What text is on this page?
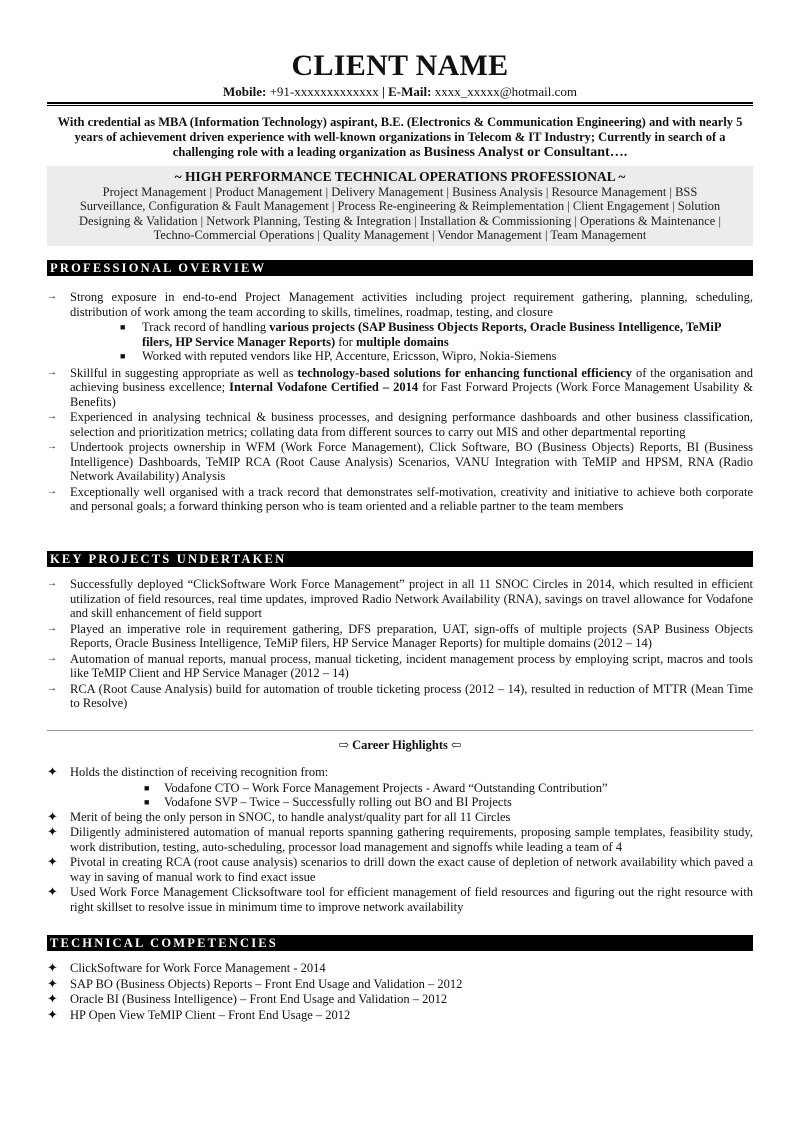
CLIENT NAME
Mobile: +91-xxxxxxxxxxxxx | E-Mail: xxxx_xxxxx@hotmail.com
With credential as MBA (Information Technology) aspirant, B.E. (Electronics & Communication Engineering) and with nearly 5
years of achievement driven experience with well-known organizations in Telecom & IT Industry; Currently in search of a
challenging role with a leading organization as Business Analyst or Consultant….
~ HIGH PERFORMANCE TECHNICAL OPERATIONS PROFESSIONAL ~
Project Management | Product Management | Delivery Management | Business Analysis | Resource Management | BSS
Surveillance, Configuration & Fault Management | Process Re-engineering & Reimplementation | Client Engagement | Solution
Designing & Validation | Network Planning, Testing & Integration | Installation & Commissioning | Operations & Maintenance |
Techno-Commercial Operations | Quality Management | Vendor Management | Team Management
PROFESSIONAL OVERVIEW
→	Strong exposure in end-to-end Project Management activities including project requirement gathering, planning, scheduling, distribution of work among the team according to skills, timelines, roadmap, testing, and closure
■ Track record of handling various projects (SAP Business Objects Reports, Oracle Business Intelligence, TeMiP filers, HP Service Manager Reports) for multiple domains
■ Worked with reputed vendors like HP, Accenture, Ericsson, Wipro, Nokia-Siemens
→	Skillful in suggesting appropriate as well as technology-based solutions for enhancing functional efficiency of the organisation and achieving business excellence; Internal Vodafone Certified – 2014 for Fast Forward Projects (Work Force Management Usability & Benefits)
→	Experienced in analysing technical & business processes, and designing performance dashboards and other business classification, selection and prioritization metrics; collating data from different sources to carry out MIS and other departmental reporting
→	Undertook projects ownership in WFM (Work Force Management), Click Software, BO (Business Objects) Reports, BI (Business Intelligence) Dashboards, TeMIP RCA (Root Cause Analysis) Scenarios, VANU Integration with TeMIP and HPSM, RNA (Radio Network Availability) Analysis
→	Exceptionally well organised with a track record that demonstrates self-motivation, creativity and initiative to achieve both corporate and personal goals; a forward thinking person who is team oriented and a reliable partner to the team members
KEY PROJECTS UNDERTAKEN
→	Successfully deployed “ClickSoftware Work Force Management” project in all 11 SNOC Circles in 2014, which resulted in efficient utilization of field resources, real time updates, improved Radio Network Availability (RNA), savings on travel allowance for Vodafone and skill enhancement of field support
→	Played an imperative role in requirement gathering, DFS preparation, UAT, sign-offs of multiple projects (SAP Business Objects Reports, Oracle Business Intelligence, TeMiP filers, HP Service Manager Reports) for multiple domains (2012 – 14)
→	Automation of manual reports, manual process, manual ticketing, incident management process by employing script, macros and tools like TeMIP Client and HP Service Manager (2012 – 14)
→	RCA (Root Cause Analysis) build for automation of trouble ticketing process (2012 – 14), resulted in reduction of MTTR (Mean Time to Resolve)
⇨ Career Highlights ⇦
✦ Holds the distinction of receiving recognition from:
■ Vodafone CTO – Work Force Management Projects - Award “Outstanding Contribution”
■ Vodafone SVP – Twice – Successfully rolling out BO and BI Projects
✦ Merit of being the only person in SNOC, to handle analyst/quality part for all 11 Circles
✦ Diligently administered automation of manual reports spanning gathering requirements, proposing sample templates, feasibility study, work distribution, testing, auto-scheduling, processor load management and signoffs while leading a team of 4
✦ Pivotal in creating RCA (root cause analysis) scenarios to drill down the exact cause of depletion of network availability which paved a way in saving of manual work to find exact issue
✦ Used Work Force Management Clicksoftware tool for efficient management of field resources and figuring out the right resource with right skillset to resolve issue in minimum time to improve network availability
TECHNICAL COMPETENCIES
✦ ClickSoftware for Work Force Management - 2014
✦ SAP BO (Business Objects) Reports – Front End Usage and Validation – 2012
✦ Oracle BI (Business Intelligence) – Front End Usage and Validation – 2012
✦ HP Open View TeMIP Client – Front End Usage – 2012
